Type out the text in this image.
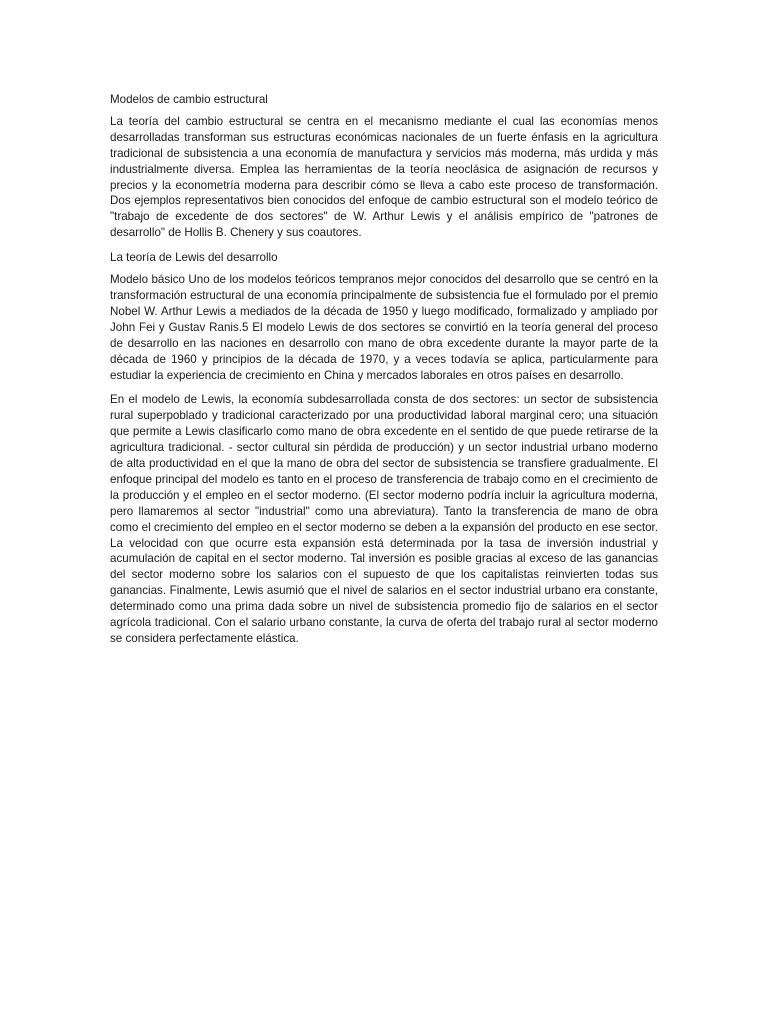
Modelos de cambio estructural

La teoría del cambio estructural se centra en el mecanismo mediante el cual las economías menos desarrolladas transforman sus estructuras económicas nacionales de un fuerte énfasis en la agricultura tradicional de subsistencia a una economía de manufactura y servicios más moderna, más urdida y más industrialmente diversa. Emplea las herramientas de la teoría neoclásica de asignación de recursos y precios y la econometría moderna para describir cómo se lleva a cabo este proceso de transformación. Dos ejemplos representativos bien conocidos del enfoque de cambio estructural son el modelo teórico de "trabajo de excedente de dos sectores" de W. Arthur Lewis y el análisis empírico de "patrones de desarrollo" de Hollis B. Chenery y sus coautores.

La teoría de Lewis del desarrollo

Modelo básico Uno de los modelos teóricos tempranos mejor conocidos del desarrollo que se centró en la transformación estructural de una economía principalmente de subsistencia fue el formulado por el premio Nobel W. Arthur Lewis a mediados de la década de 1950 y luego modificado, formalizado y ampliado por John Fei y Gustav Ranis.5 El modelo Lewis de dos sectores se convirtió en la teoría general del proceso de desarrollo en las naciones en desarrollo con mano de obra excedente durante la mayor parte de la década de 1960 y principios de la década de 1970, y a veces todavía se aplica, particularmente para estudiar la experiencia de crecimiento en China y mercados laborales en otros países en desarrollo.

En el modelo de Lewis, la economía subdesarrollada consta de dos sectores: un sector de subsistencia rural superpoblado y tradicional caracterizado por una productividad laboral marginal cero; una situación que permite a Lewis clasificarlo como mano de obra excedente en el sentido de que puede retirarse de la agricultura tradicional. - sector cultural sin pérdida de producción) y un sector industrial urbano moderno de alta productividad en el que la mano de obra del sector de subsistencia se transfiere gradualmente. El enfoque principal del modelo es tanto en el proceso de transferencia de trabajo como en el crecimiento de la producción y el empleo en el sector moderno. (El sector moderno podría incluir la agricultura moderna, pero llamaremos al sector "industrial" como una abreviatura). Tanto la transferencia de mano de obra como el crecimiento del empleo en el sector moderno se deben a la expansión del producto en ese sector. La velocidad con que ocurre esta expansión está determinada por la tasa de inversión industrial y acumulación de capital en el sector moderno. Tal inversión es posible gracias al exceso de las ganancias del sector moderno sobre los salarios con el supuesto de que los capitalistas reinvierten todas sus ganancias. Finalmente, Lewis asumió que el nivel de salarios en el sector industrial urbano era constante, determinado como una prima dada sobre un nivel de subsistencia promedio fijo de salarios en el sector agrícola tradicional. Con el salario urbano constante, la curva de oferta del trabajo rural al sector moderno se considera perfectamente elástica.
